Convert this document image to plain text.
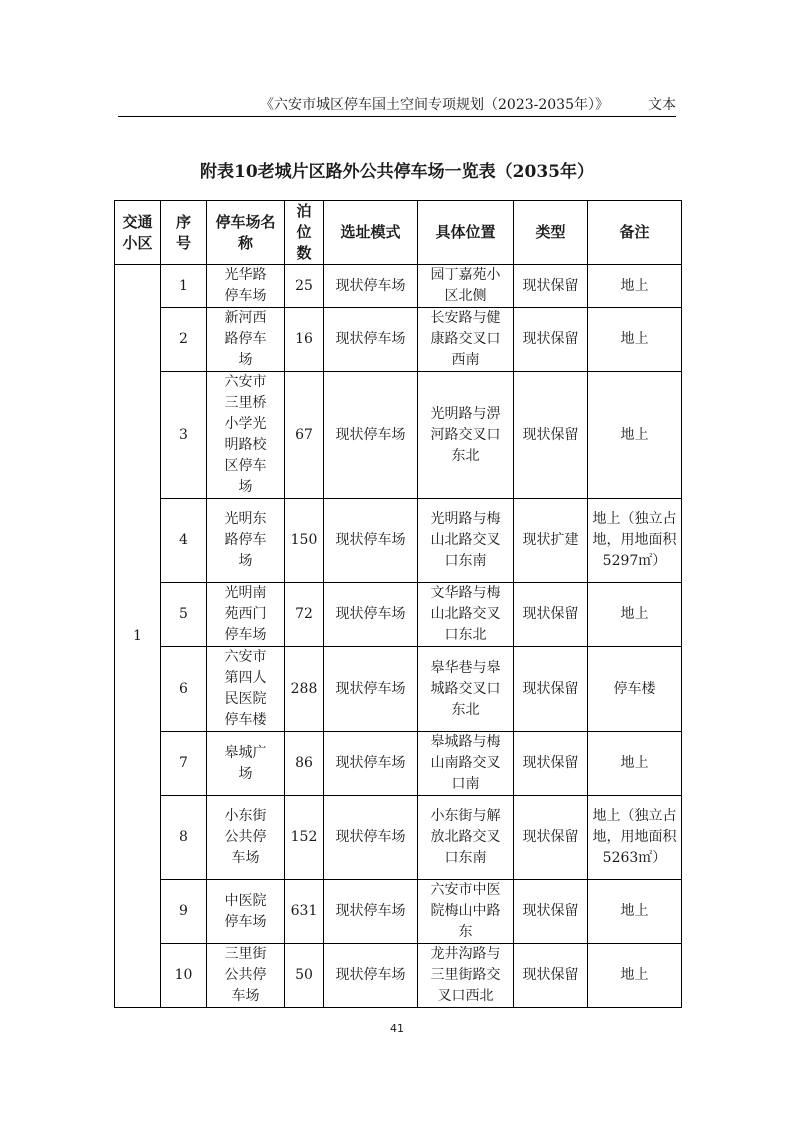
《六安市城区停车国土空间专项规划（2023-2035年）》	文本
附表10老城片区路外公共停车场一览表（2035年）
交通小区	序号	停车场名称	泊位数	选址模式	具体位置	类型	备注
1	1	光华路停车场	25	现状停车场	园丁嘉苑小区北侧	现状保留	地上
	2	新河西路停车场	16	现状停车场	长安路与健康路交叉口西南	现状保留	地上
	3	六安市三里桥小学光明路校区停车场	67	现状停车场	光明路与淠河路交叉口东北	现状保留	地上
	4	光明东路停车场	150	现状停车场	光明路与梅山北路交叉口东南	现状扩建	地上（独立占地，用地面积5297㎡）
	5	光明南苑西门停车场	72	现状停车场	文华路与梅山北路交叉口东北	现状保留	地上
	6	六安市第四人民医院停车楼	288	现状停车场	皋华巷与皋城路交叉口东北	现状保留	停车楼
	7	皋城广场	86	现状停车场	皋城路与梅山南路交叉口南	现状保留	地上
	8	小东街公共停车场	152	现状停车场	小东街与解放北路交叉口东南	现状保留	地上（独立占地，用地面积5263㎡）
	9	中医院停车场	631	现状停车场	六安市中医院梅山中路东	现状保留	地上
	10	三里街公共停车场	50	现状停车场	龙井沟路与三里街路交叉口西北	现状保留	地上
41
